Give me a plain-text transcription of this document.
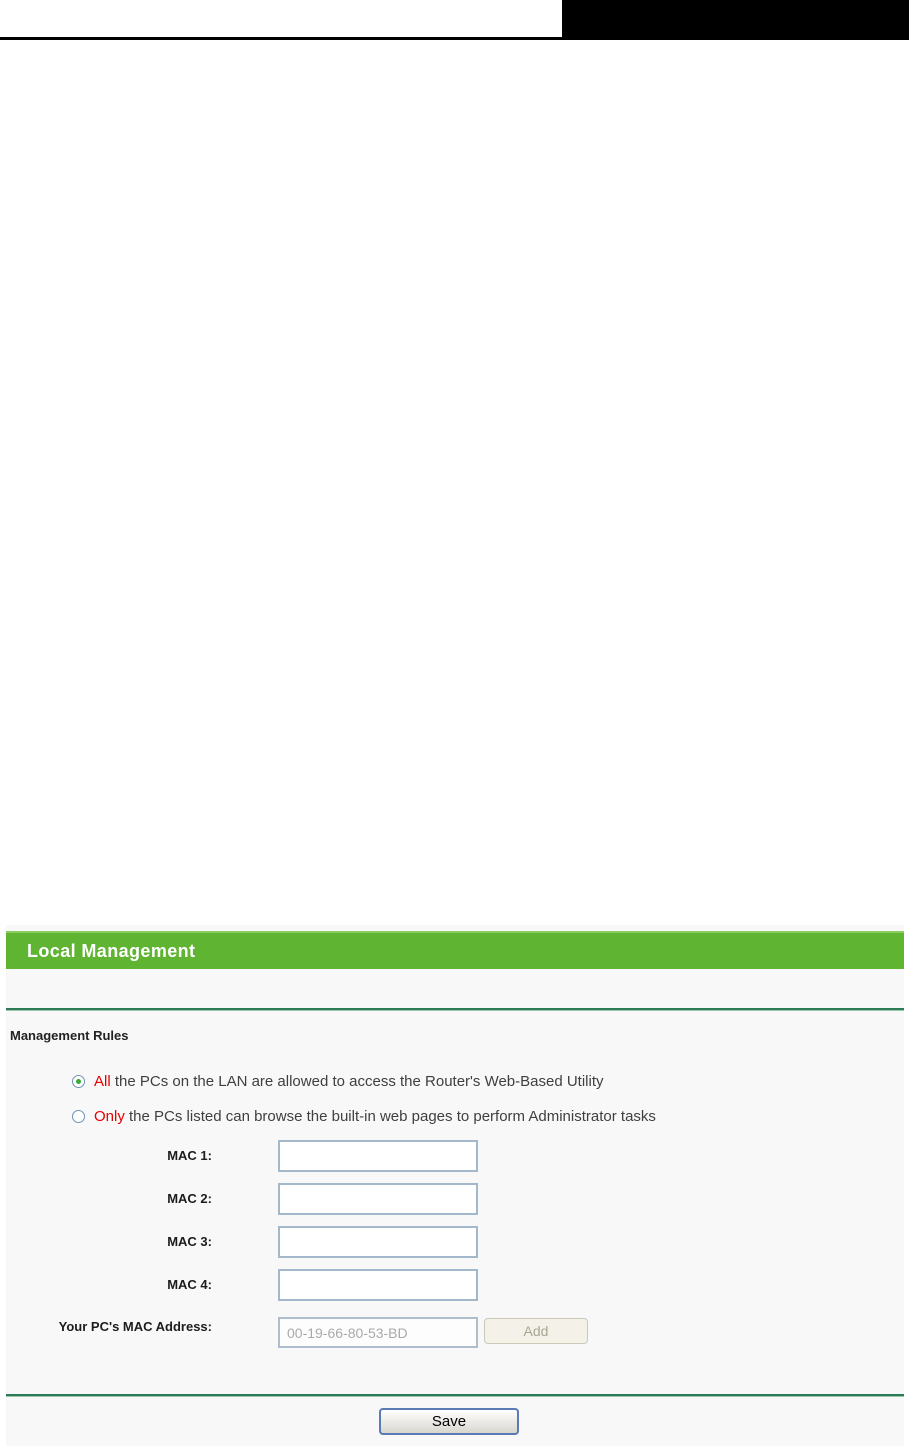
Local Management
Management Rules
All the PCs on the LAN are allowed to access the Router's Web-Based Utility
Only the PCs listed can browse the built-in web pages to perform Administrator tasks
MAC 1:
MAC 2:
MAC 3:
MAC 4:
Your PC's MAC Address:
00-19-66-80-53-BD	Add
Save
